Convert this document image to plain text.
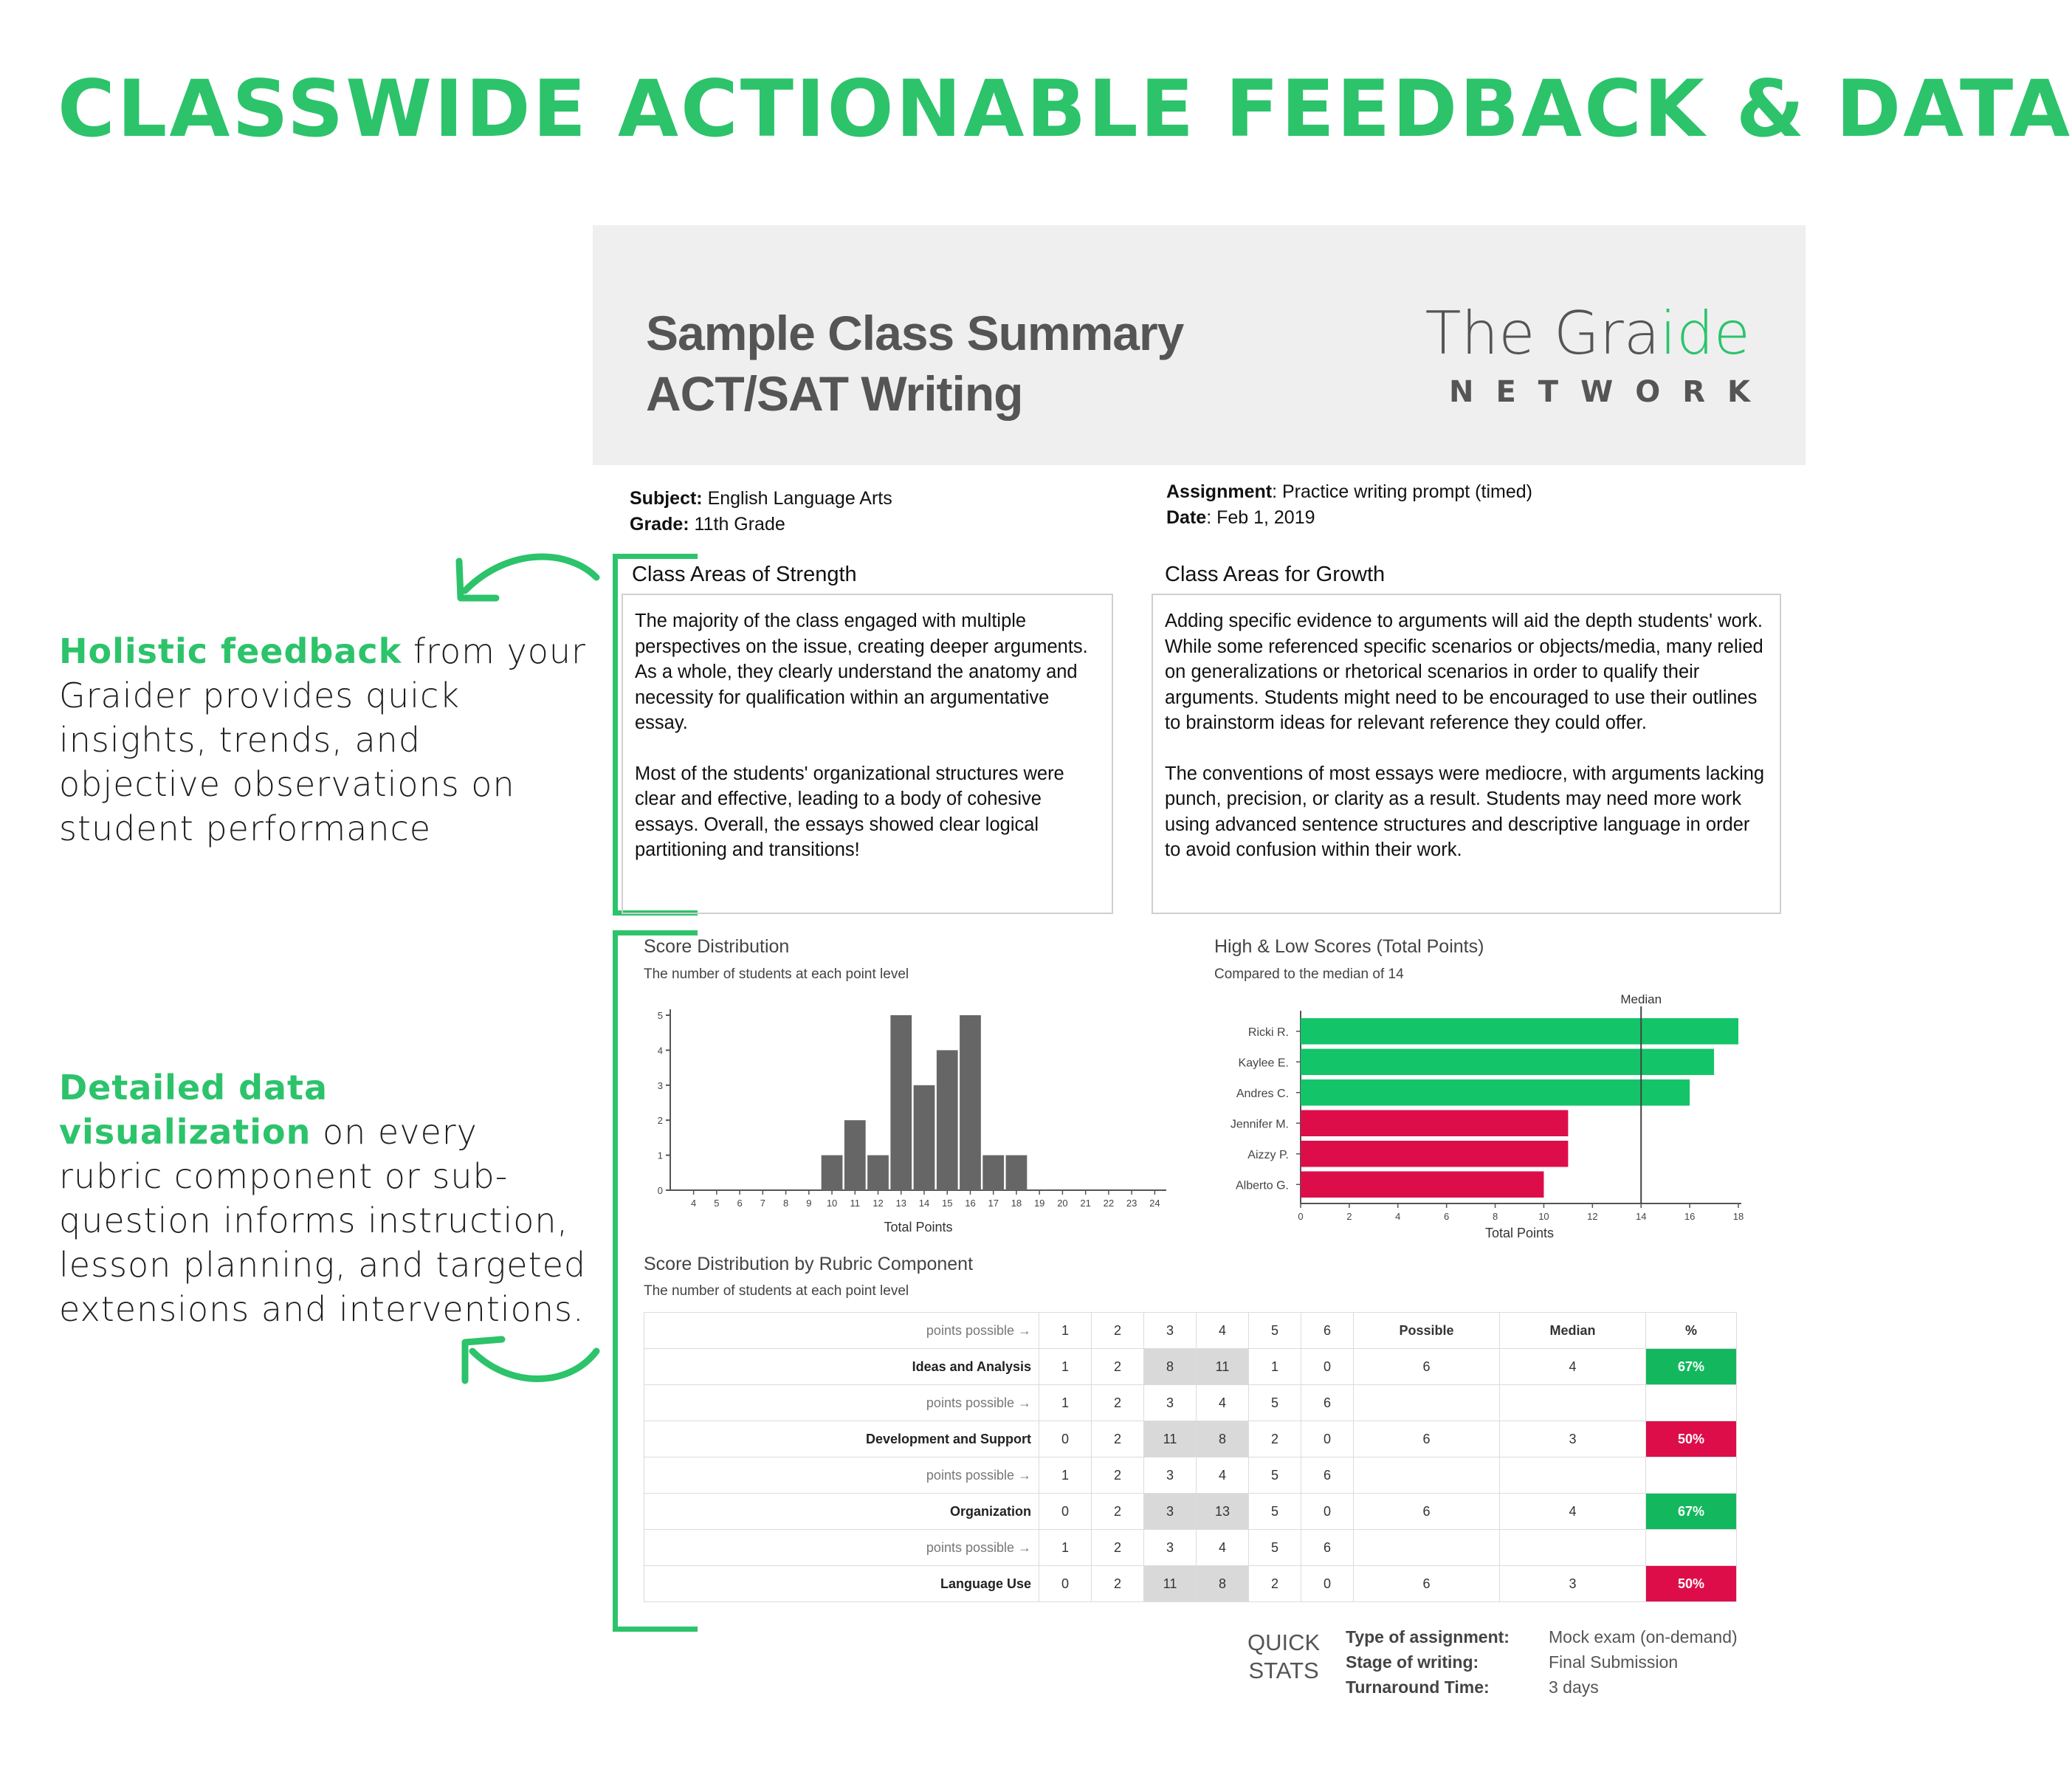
CLASSWIDE ACTIONABLE FEEDBACK & DATA
Sample Class Summary
ACT/SAT Writing
The Graide
NETWORK
Subject: English Language Arts
Grade: 11th Grade
Assignment: Practice writing prompt (timed)
Date: Feb 1, 2019
Holistic feedback from your Graider provides quick insights, trends, and objective observations on student performance
Detailed data visualization on every rubric component or sub-question informs instruction, lesson planning, and targeted extensions and interventions.
Class Areas of Strength

The majority of the class engaged with multiple perspectives on the issue, creating deeper arguments. As a whole, they clearly understand the anatomy and necessity for qualification within an argumentative essay.

Most of the students' organizational structures were clear and effective, leading to a body of cohesive essays. Overall, the essays showed clear logical partitioning and transitions!

Class Areas for Growth

Adding specific evidence to arguments will aid the depth students' work. While some referenced specific scenarios or objects/media, many relied on generalizations or rhetorical scenarios in order to qualify their arguments. Students might need to be encouraged to use their outlines to brainstorm ideas for relevant reference they could offer.

The conventions of most essays were mediocre, with arguments lacking punch, precision, or clarity as a result. Students may need more work using advanced sentence structures and descriptive language in order to avoid confusion within their work.

Score Distribution
The number of students at each point level
0
1
2
3
4
5
4 5 6 7 8 9 10 11 12 13 14 15 16 17 18 19 20 21 22 23 24
Total Points
High & Low Scores (Total Points)
Compared to the median of 14
Ricki R.
Kaylee E.
Andres C.
Jennifer M.
Aizzy P.
Alberto G.
0	2	4	6	8	10	12	14	16	18
Median
Total Points
Score Distribution by Rubric Component
The number of students at each point level
points possible →	1	2	3	4	5	6	Possible	Median	%
Ideas and Analysis	1	2	8	11	1	0	6	4	67%
points possible →	1	2	3	4	5	6			
Development and Support	0	2	11	8	2	0	6	3	50%
points possible →	1	2	3	4	5	6			
Organization	0	2	3	13	5	0	6	4	67%
points possible →	1	2	3	4	5	6			
Language Use	0	2	11	8	2	0	6	3	50%
QUICK
STATS
Type of assignment: Mock exam (on-demand)
Stage of writing:	Final Submission
Turnaround Time:	3 days
